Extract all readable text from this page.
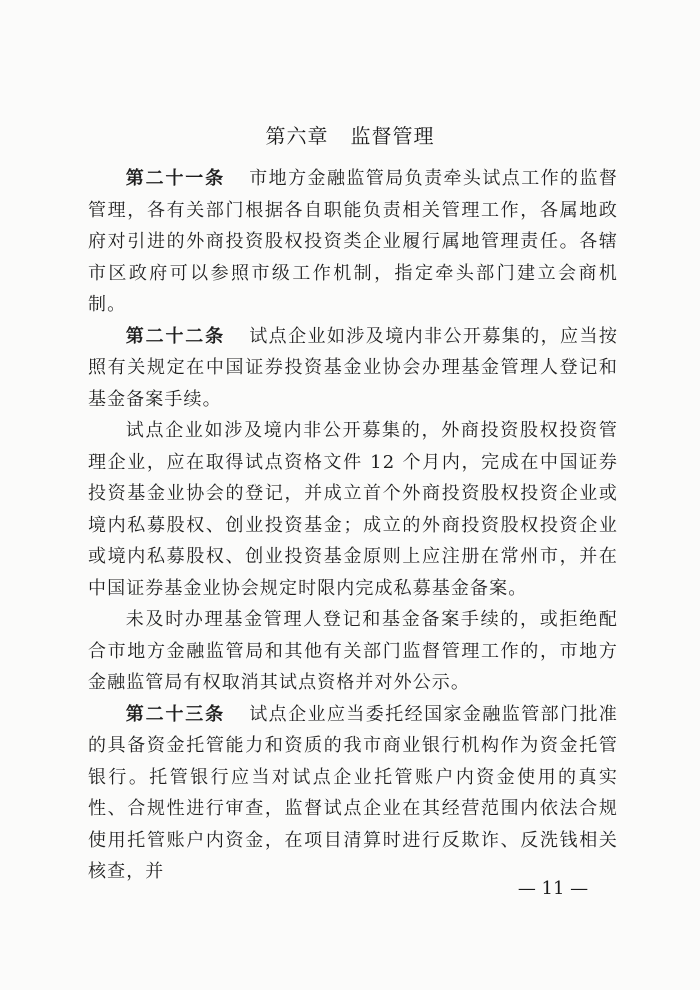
第六章 监督管理

第二十一条 市地方金融监管局负责牵头试点工作的监督管理，各有关部门根据各自职能负责相关管理工作，各属地政府对引进的外商投资股权投资类企业履行属地管理责任。各辖市区政府可以参照市级工作机制，指定牵头部门建立会商机制。

第二十二条 试点企业如涉及境内非公开募集的，应当按照有关规定在中国证券投资基金业协会办理基金管理人登记和基金备案手续。

试点企业如涉及境内非公开募集的，外商投资股权投资管理企业，应在取得试点资格文件 12 个月内，完成在中国证券投资基金业协会的登记，并成立首个外商投资股权投资企业或境内私募股权、创业投资基金；成立的外商投资股权投资企业或境内私募股权、创业投资基金原则上应注册在常州市，并在中国证券基金业协会规定时限内完成私募基金备案。

未及时办理基金管理人登记和基金备案手续的，或拒绝配合市地方金融监管局和其他有关部门监督管理工作的，市地方金融监管局有权取消其试点资格并对外公示。

第二十三条 试点企业应当委托经国家金融监管部门批准的具备资金托管能力和资质的我市商业银行机构作为资金托管银行。托管银行应当对试点企业托管账户内资金使用的真实性、合规性进行审查，监督试点企业在其经营范围内依法合规使用托管账户内资金，在项目清算时进行反欺诈、反洗钱相关核查，并

— 11 —
